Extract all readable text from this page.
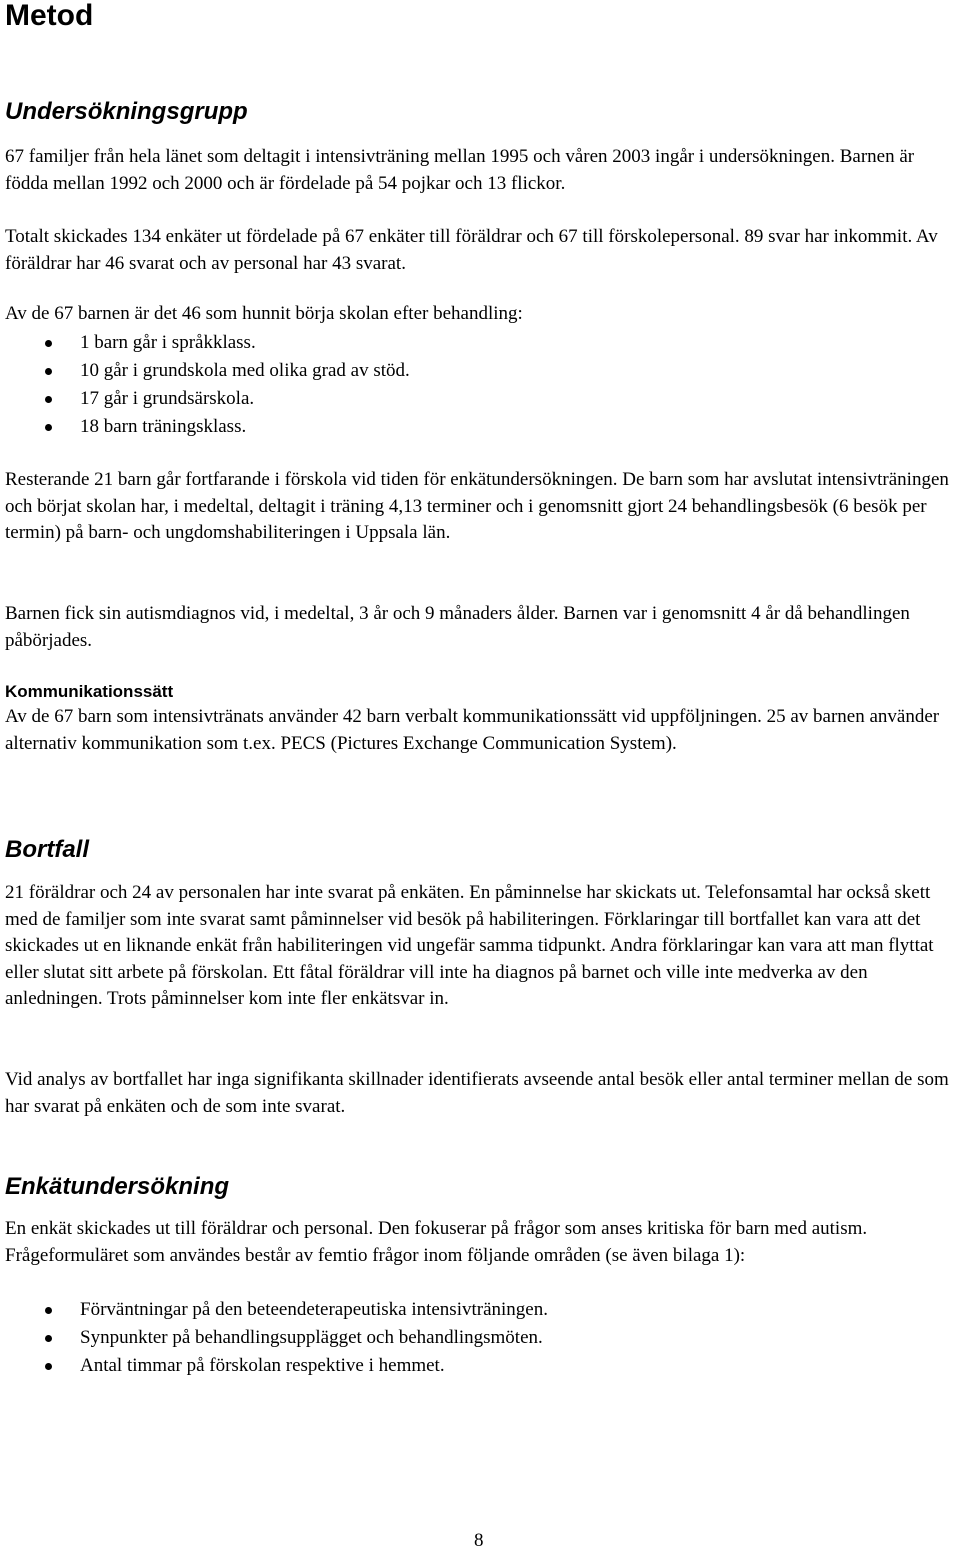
Metod
Undersökningsgrupp

67 familjer från hela länet som deltagit i intensivträning mellan 1995 och våren 2003 ingår i undersökningen. Barnen är födda mellan 1992 och 2000 och är fördelade på 54 pojkar och 13 flickor.

Totalt skickades 134 enkäter ut fördelade på 67 enkäter till föräldrar och 67 till förskolepersonal. 89 svar har inkommit. Av föräldrar har 46 svarat och av personal har 43 svarat.

Av de 67 barnen är det 46 som hunnit börja skolan efter behandling:

1 barn går i språkklass.
10 går i grundskola med olika grad av stöd.
17 går i grundsärskola.
18 barn träningsklass.

Resterande 21 barn går fortfarande i förskola vid tiden för enkätundersökningen. De barn som har avslutat intensivträningen och börjat skolan har, i medeltal, deltagit i träning 4,13 terminer och i genomsnitt gjort 24 behandlingsbesök (6 besök per termin) på barn- och ungdomshabiliteringen i Uppsala län.

Barnen fick sin autismdiagnos vid, i medeltal, 3 år och 9 månaders ålder. Barnen var i genomsnitt 4 år då behandlingen påbörjades.

Kommunikationssätt

Av de 67 barn som intensivtränats använder 42 barn verbalt kommunikationssätt vid uppföljningen. 25 av barnen använder alternativ kommunikation som t.ex. PECS (Pictures Exchange Communication System).

Bortfall

21 föräldrar och 24 av personalen har inte svarat på enkäten. En påminnelse har skickats ut. Telefonsamtal har också skett med de familjer som inte svarat samt påminnelser vid besök på habiliteringen. Förklaringar till bortfallet kan vara att det skickades ut en liknande enkät från habiliteringen vid ungefär samma tidpunkt. Andra förklaringar kan vara att man flyttat eller slutat sitt arbete på förskolan. Ett fåtal föräldrar vill inte ha diagnos på barnet och ville inte medverka av den anledningen. Trots påminnelser kom inte fler enkätsvar in.

Vid analys av bortfallet har inga signifikanta skillnader identifierats avseende antal besök eller antal terminer mellan de som har svarat på enkäten och de som inte svarat.

Enkätundersökning

En enkät skickades ut till föräldrar och personal. Den fokuserar på frågor som anses kritiska för barn med autism. Frågeformuläret som användes består av femtio frågor inom följande områden (se även bilaga 1):

Förväntningar på den beteendeterapeutiska intensivträningen.
Synpunkter på behandlingsupplägget och behandlingsmöten.
Antal timmar på förskolan respektive i hemmet.
8
